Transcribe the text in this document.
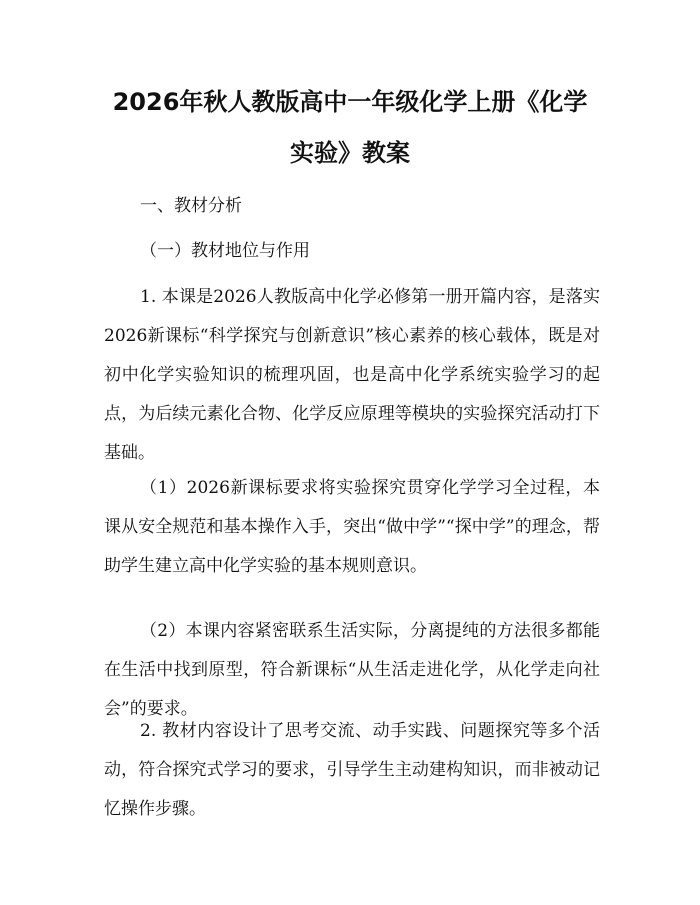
2026年秋人教版高中一年级化学上册《化学
实验》教案
一、教材分析
（一）教材地位与作用
1. 本课是2026人教版高中化学必修第一册开篇内容，是落实2026新课标“科学探究与创新意识”核心素养的核心载体，既是对初中化学实验知识的梳理巩固，也是高中化学系统实验学习的起点，为后续元素化合物、化学反应原理等模块的实验探究活动打下基础。
（1）2026新课标要求将实验探究贯穿化学学习全过程，本课从安全规范和基本操作入手，突出“做中学”“探中学”的理念，帮助学生建立高中化学实验的基本规则意识。
（2）本课内容紧密联系生活实际，分离提纯的方法很多都能在生活中找到原型，符合新课标“从生活走进化学，从化学走向社会”的要求。
2. 教材内容设计了思考交流、动手实践、问题探究等多个活动，符合探究式学习的要求，引导学生主动建构知识，而非被动记忆操作步骤。
